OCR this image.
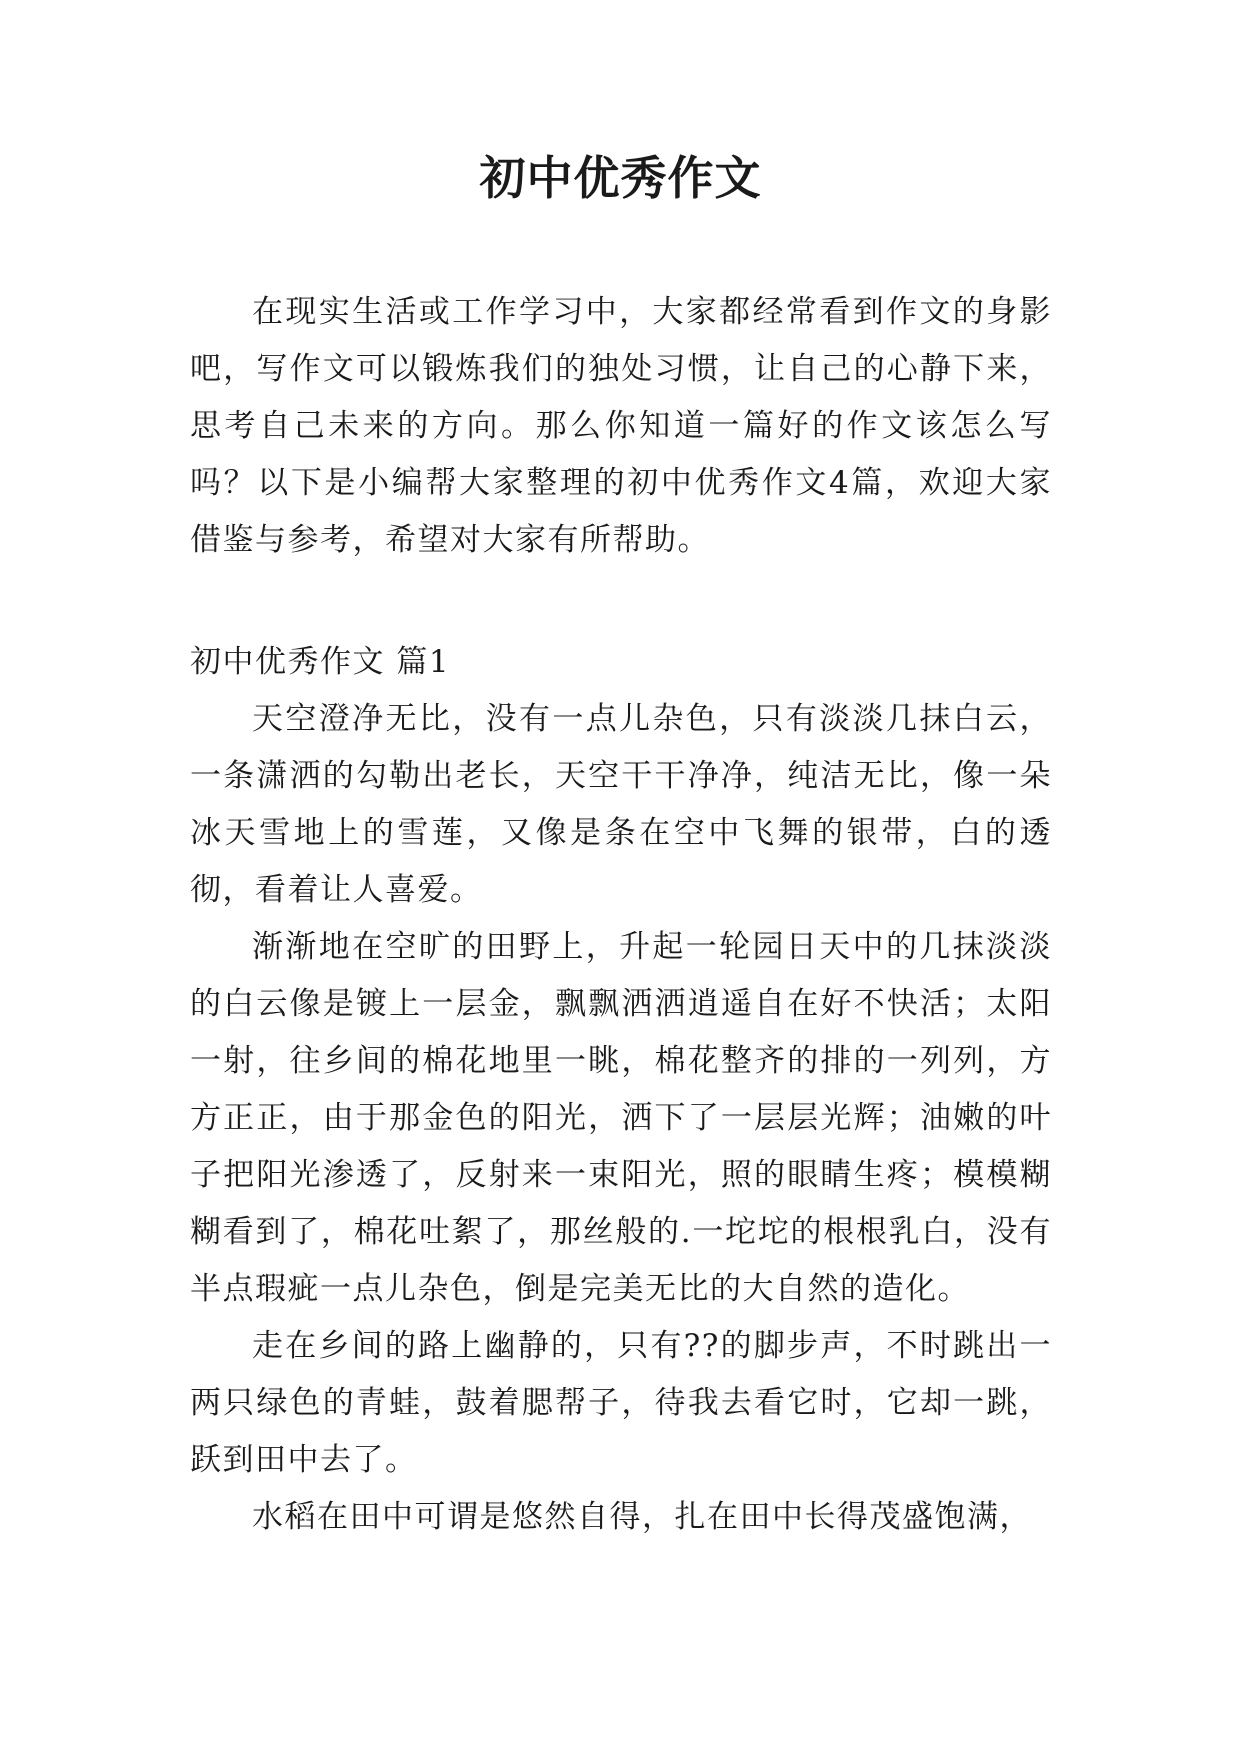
初中优秀作文

在现实生活或工作学习中，大家都经常看到作文的身影吧，写作文可以锻炼我们的独处习惯，让自己的心静下来，思考自己未来的方向。那么你知道一篇好的作文该怎么写吗？以下是小编帮大家整理的初中优秀作文4篇，欢迎大家借鉴与参考，希望对大家有所帮助。

初中优秀作文 篇1

天空澄净无比，没有一点儿杂色，只有淡淡几抹白云，一条潇洒的勾勒出老长，天空干干净净，纯洁无比，像一朵冰天雪地上的雪莲，又像是条在空中飞舞的银带，白的透彻，看着让人喜爱。

渐渐地在空旷的田野上，升起一轮园日天中的几抹淡淡的白云像是镀上一层金，飘飘洒洒逍遥自在好不快活；太阳一射，往乡间的棉花地里一眺，棉花整齐的排的一列列，方方正正，由于那金色的阳光，洒下了一层层光辉；油嫩的叶子把阳光渗透了，反射来一束阳光，照的眼睛生疼；模模糊糊看到了，棉花吐絮了，那丝般的.一坨坨的根根乳白，没有半点瑕疵一点儿杂色，倒是完美无比的大自然的造化。

走在乡间的路上幽静的，只有??的脚步声，不时跳出一两只绿色的青蛙，鼓着腮帮子，待我去看它时，它却一跳，跃到田中去了。

水稻在田中可谓是悠然自得，扎在田中长得茂盛饱满，
